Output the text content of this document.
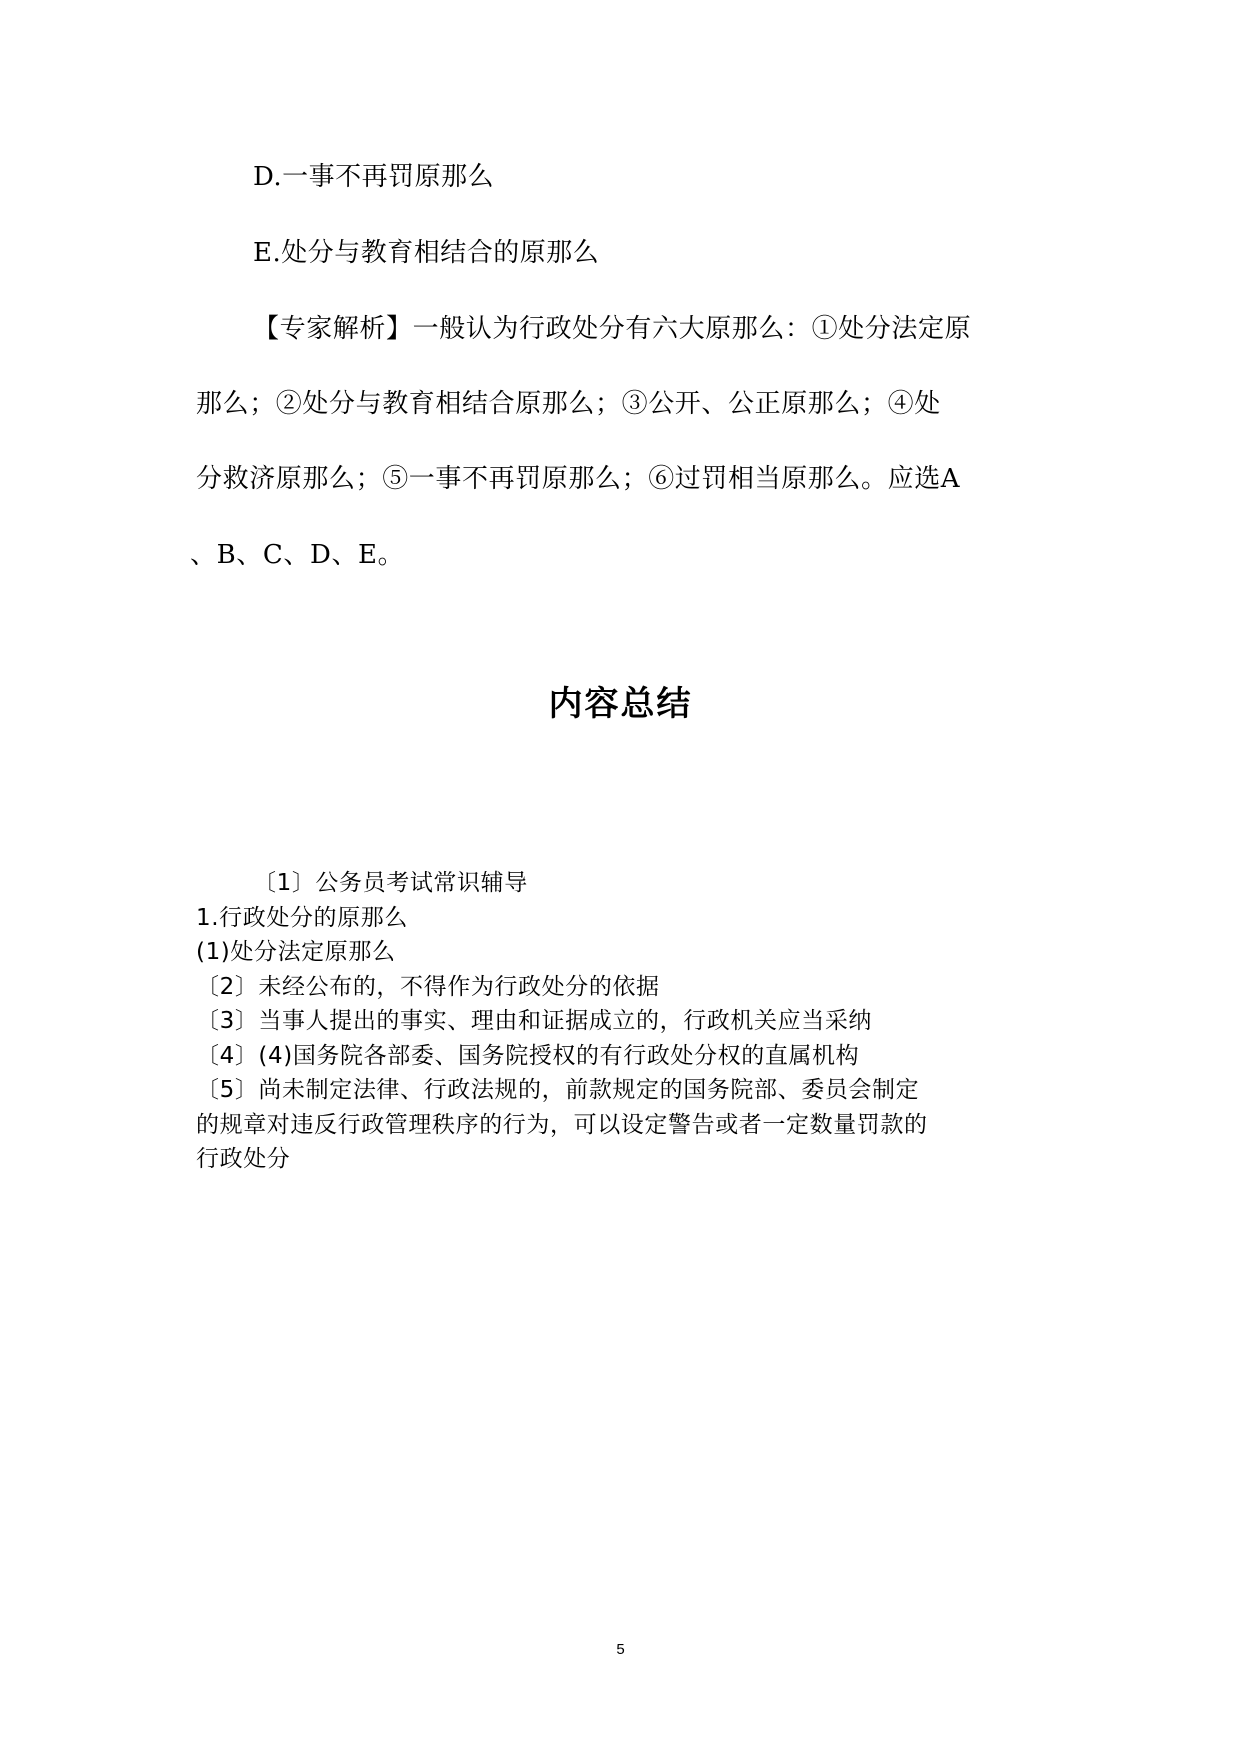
D.一事不再罚原那么
E.处分与教育相结合的原那么
【专家解析】一般认为行政处分有六大原那么：①处分法定原
那么；②处分与教育相结合原那么；③公开、公正原那么；④处
分救济原那么；⑤一事不再罚原那么；⑥过罚相当原那么。应选A
、B、C、D、E。
内容总结
〔1〕公务员考试常识辅导
1.行政处分的原那么
(1)处分法定原那么
〔2〕未经公布的，不得作为行政处分的依据
〔3〕当事人提出的事实、理由和证据成立的，行政机关应当采纳
〔4〕(4)国务院各部委、国务院授权的有行政处分权的直属机构
〔5〕尚未制定法律、行政法规的，前款规定的国务院部、委员会制定
的规章对违反行政管理秩序的行为，可以设定警告或者一定数量罚款的
行政处分
5
